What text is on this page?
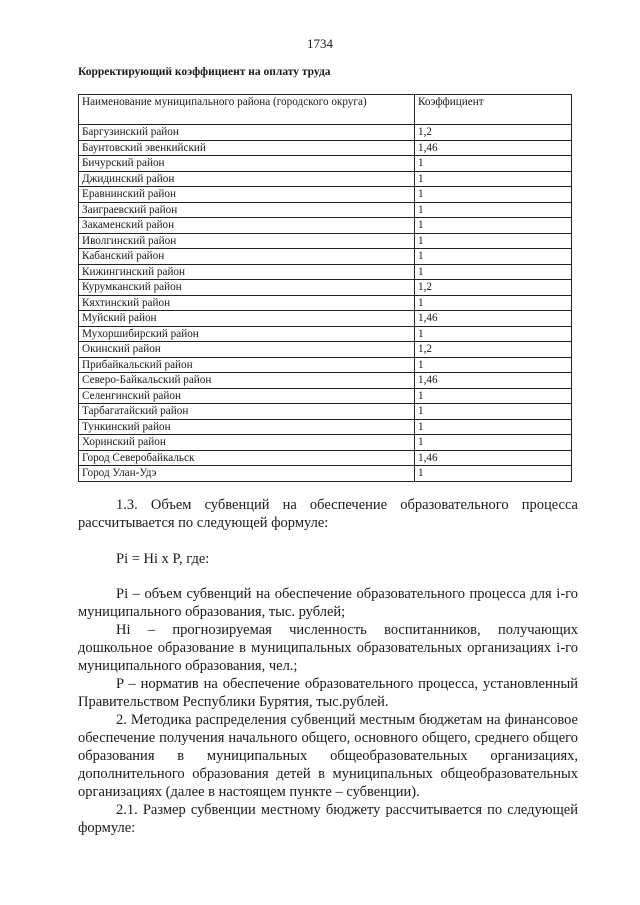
1734
Корректирующий коэффициент на оплату труда
Наименование муниципального района (городского округа)	Коэффициент
Баргузинский район	1,2
Баунтовский эвенкийский	1,46
Бичурский район	1
Джидинский район	1
Еравнинский район	1
Заиграевский район	1
Закаменский район	1
Иволгинский район	1
Кабанский район	1
Кижингинский район	1
Курумканский район	1,2
Кяхтинский район	1
Муйский район	1,46
Мухоршибирский район	1
Окинский район	1,2
Прибайкальский район	1
Северо-Байкальский район	1,46
Селенгинский район	1
Тарбагатайский район	1
Тункинский район	1
Хоринский район	1
Город Северобайкальск	1,46
Город Улан-Удэ	1

1.3. Объем субвенций на обеспечение образовательного процесса рассчитывается по следующей формуле:

Pi = Hi x P, где:

Pi – объем субвенций на обеспечение образовательного процесса для i-го муниципального образования, тыс. рублей;

Hi – прогнозируемая численность воспитанников, получающих дошкольное образование в муниципальных образовательных организациях i-го муниципального образования, чел.;

P – норматив на обеспечение образовательного процесса, установленный Правительством Республики Бурятия, тыс.рублей.

2. Методика распределения субвенций местным бюджетам на финансовое обеспечение получения начального общего, основного общего, среднего общего образования в муниципальных общеобразовательных организациях, дополнительного образования детей в муниципальных общеобразовательных организациях (далее в настоящем пункте – субвенции).

2.1. Размер субвенции местному бюджету рассчитывается по следующей формуле:
